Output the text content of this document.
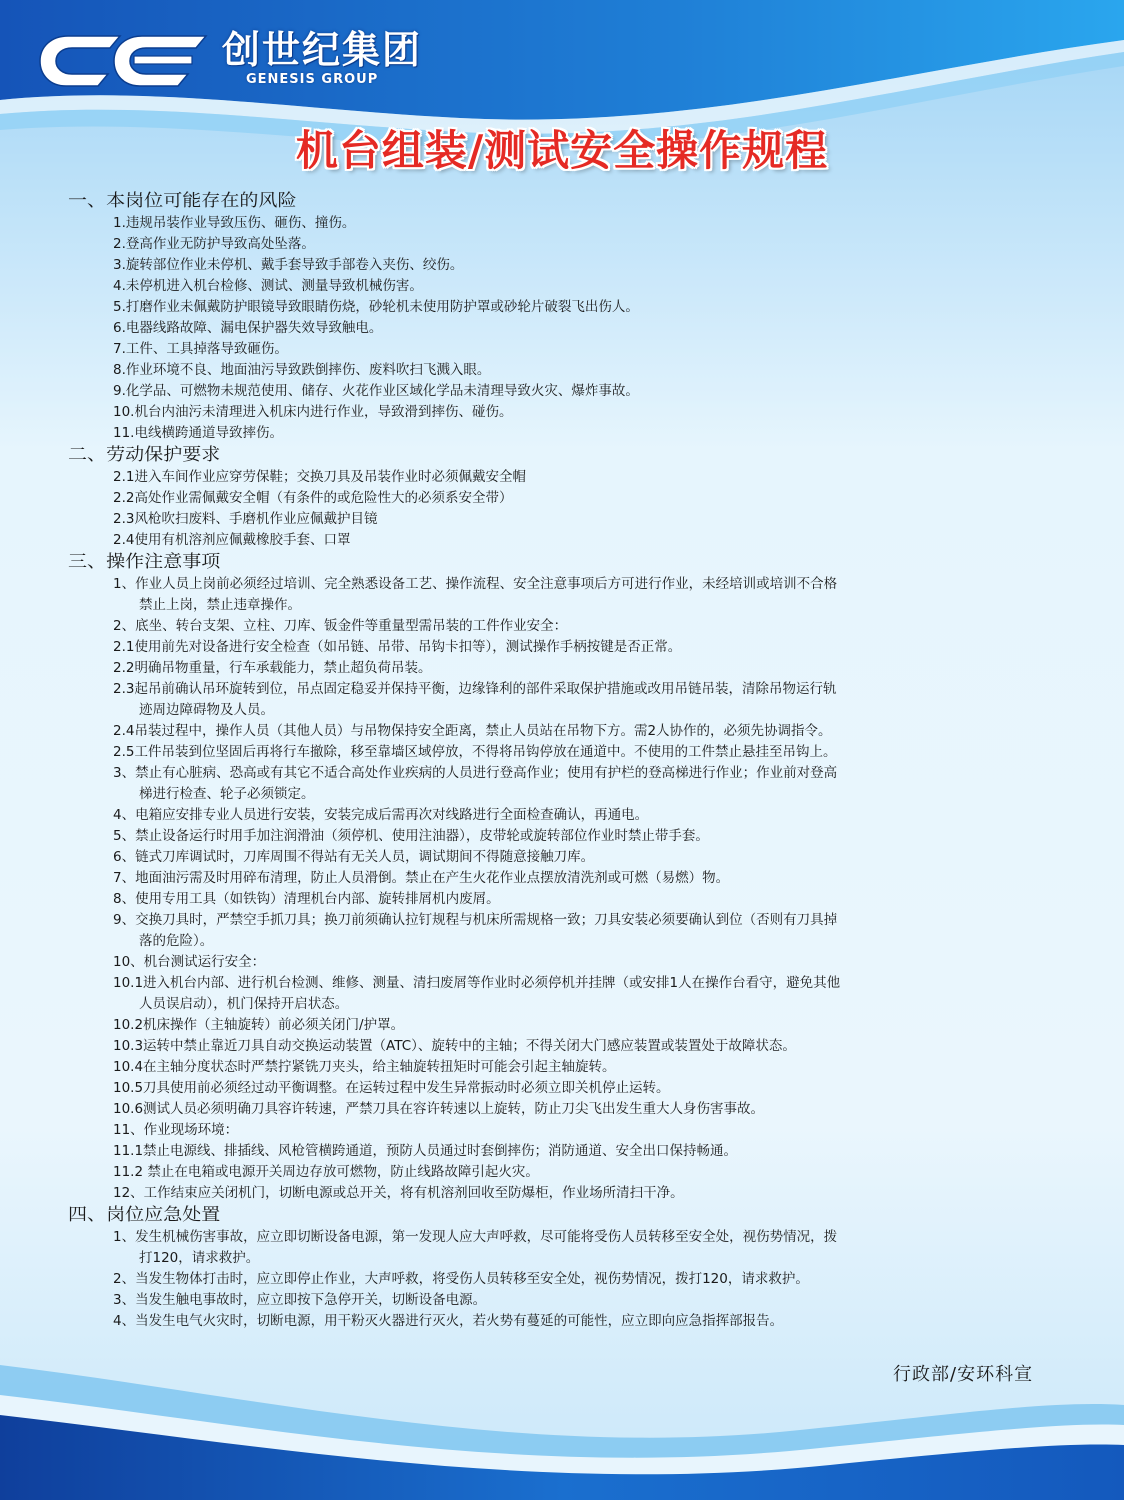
创世纪集团
GENESIS GROUP
机台组装/测试安全操作规程
一、本岗位可能存在的风险
1.违规吊装作业导致压伤、砸伤、撞伤。
2.登高作业无防护导致高处坠落。
3.旋转部位作业未停机、戴手套导致手部卷入夹伤、绞伤。
4.未停机进入机台检修、测试、测量导致机械伤害。
5.打磨作业未佩戴防护眼镜导致眼睛伤烧，砂轮机未使用防护罩或砂轮片破裂飞出伤人。
6.电器线路故障、漏电保护器失效导致触电。
7.工件、工具掉落导致砸伤。
8.作业环境不良、地面油污导致跌倒摔伤、废料吹扫飞溅入眼。
9.化学品、可燃物未规范使用、储存、火花作业区域化学品未清理导致火灾、爆炸事故。
10.机台内油污未清理进入机床内进行作业，导致滑到摔伤、碰伤。
11.电线横跨通道导致摔伤。
二、劳动保护要求
2.1进入车间作业应穿劳保鞋；交换刀具及吊装作业时必须佩戴安全帽
2.2高处作业需佩戴安全帽（有条件的或危险性大的必须系安全带）
2.3风枪吹扫废料、手磨机作业应佩戴护目镜
2.4使用有机溶剂应佩戴橡胶手套、口罩
三、操作注意事项
1、作业人员上岗前必须经过培训、完全熟悉设备工艺、操作流程、安全注意事项后方可进行作业，未经培训或培训不合格
禁止上岗，禁止违章操作。
2、底坐、转台支架、立柱、刀库、钣金件等重量型需吊装的工件作业安全：
2.1使用前先对设备进行安全检查（如吊链、吊带、吊钩卡扣等），测试操作手柄按键是否正常。
2.2明确吊物重量，行车承载能力，禁止超负荷吊装。
2.3起吊前确认吊环旋转到位，吊点固定稳妥并保持平衡，边缘锋利的部件采取保护措施或改用吊链吊装，清除吊物运行轨
迹周边障碍物及人员。
2.4吊装过程中，操作人员（其他人员）与吊物保持安全距离，禁止人员站在吊物下方。需2人协作的，必须先协调指令。
2.5工件吊装到位坚固后再将行车撤除，移至靠墙区域停放，不得将吊钩停放在通道中。不使用的工件禁止悬挂至吊钩上。
3、禁止有心脏病、恐高或有其它不适合高处作业疾病的人员进行登高作业；使用有护栏的登高梯进行作业；作业前对登高
梯进行检查、轮子必须锁定。
4、电箱应安排专业人员进行安装，安装完成后需再次对线路进行全面检查确认，再通电。
5、禁止设备运行时用手加注润滑油（须停机、使用注油器），皮带轮或旋转部位作业时禁止带手套。
6、链式刀库调试时，刀库周围不得站有无关人员，调试期间不得随意接触刀库。
7、地面油污需及时用碎布清理，防止人员滑倒。禁止在产生火花作业点摆放清洗剂或可燃（易燃）物。
8、使用专用工具（如铁钩）清理机台内部、旋转排屑机内废屑。
9、交换刀具时，严禁空手抓刀具；换刀前须确认拉钉规程与机床所需规格一致；刀具安装必须要确认到位（否则有刀具掉
落的危险）。
10、机台测试运行安全：
10.1进入机台内部、进行机台检测、维修、测量、清扫废屑等作业时必须停机并挂牌（或安排1人在操作台看守，避免其他
人员误启动），机门保持开启状态。
10.2机床操作（主轴旋转）前必须关闭门/护罩。
10.3运转中禁止靠近刀具自动交换运动装置（ATC）、旋转中的主轴；不得关闭大门感应装置或装置处于故障状态。
10.4在主轴分度状态时严禁拧紧铣刀夹头，给主轴旋转扭矩时可能会引起主轴旋转。
10.5刀具使用前必须经过动平衡调整。在运转过程中发生异常振动时必须立即关机停止运转。
10.6测试人员必须明确刀具容许转速，严禁刀具在容许转速以上旋转，防止刀尖飞出发生重大人身伤害事故。
11、作业现场环境：
11.1禁止电源线、排插线、风枪管横跨通道，预防人员通过时套倒摔伤；消防通道、安全出口保持畅通。
11.2 禁止在电箱或电源开关周边存放可燃物，防止线路故障引起火灾。
12、工作结束应关闭机门，切断电源或总开关，将有机溶剂回收至防爆柜，作业场所清扫干净。
四、岗位应急处置
1、发生机械伤害事故，应立即切断设备电源，第一发现人应大声呼救，尽可能将受伤人员转移至安全处，视伤势情况，拨
打120，请求救护。
2、当发生物体打击时，应立即停止作业，大声呼救，将受伤人员转移至安全处，视伤势情况，拨打120，请求救护。
3、当发生触电事故时，应立即按下急停开关，切断设备电源。
4、当发生电气火灾时，切断电源，用干粉灭火器进行灭火，若火势有蔓延的可能性，应立即向应急指挥部报告。
行政部/安环科宣
